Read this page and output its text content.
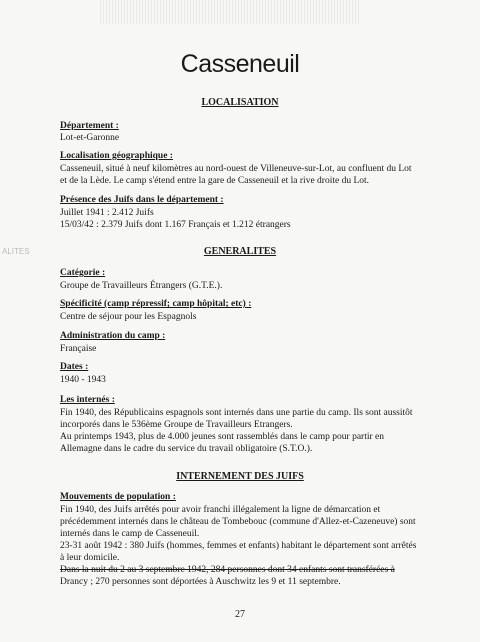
Casseneuil
LOCALISATION
Département :
Lot-et-Garonne
Localisation géographique :
Casseneuil, situé à neuf kilomètres au nord-ouest de Villeneuve-sur-Lot, au confluent du Lot
et de la Lède. Le camp s'étend entre la gare de Casseneuil et la rive droite du Lot.
Présence des Juifs dans le département :
Juillet 1941 : 2.412 Juifs
15/03/42 : 2.379 Juifs dont 1.167 Français et 1.212 étrangers
ALITES	GENERALITES
Catégorie :
Groupe de Travailleurs Étrangers (G.T.E.).
Spécificité (camp répressif; camp hôpital; etc) :
Centre de séjour pour les Espagnols
Administration du camp :
Française
Dates :
1940 - 1943
Les internés :
Fin 1940, des Républicains espagnols sont internés dans une partie du camp. Ils sont aussitôt
incorporés dans le 536ème Groupe de Travailleurs Etrangers.
Au printemps 1943, plus de 4.000 jeunes sont rassemblés dans le camp pour partir en
Allemagne dans le cadre du service du travail obligatoire (S.T.O.).
INTERNEMENT DES JUIFS
Mouvements de population :
Fin 1940, des Juifs arrêtés pour avoir franchi illégalement la ligne de démarcation et
précédemment internés dans le château de Tombebouc (commune d'Allez-et-Cazeneuve) sont
internés dans le camp de Casseneuil.
23-31 août 1942 : 380 Juifs (hommes, femmes et enfants) habitant le département sont arrêtés
à leur domicile.
Dans la nuit du 2 au 3 septembre 1942, 284 personnes dont 34 enfants sont transférées à
Drancy ; 270 personnes sont déportées à Auschwitz les 9 et 11 septembre.
27
